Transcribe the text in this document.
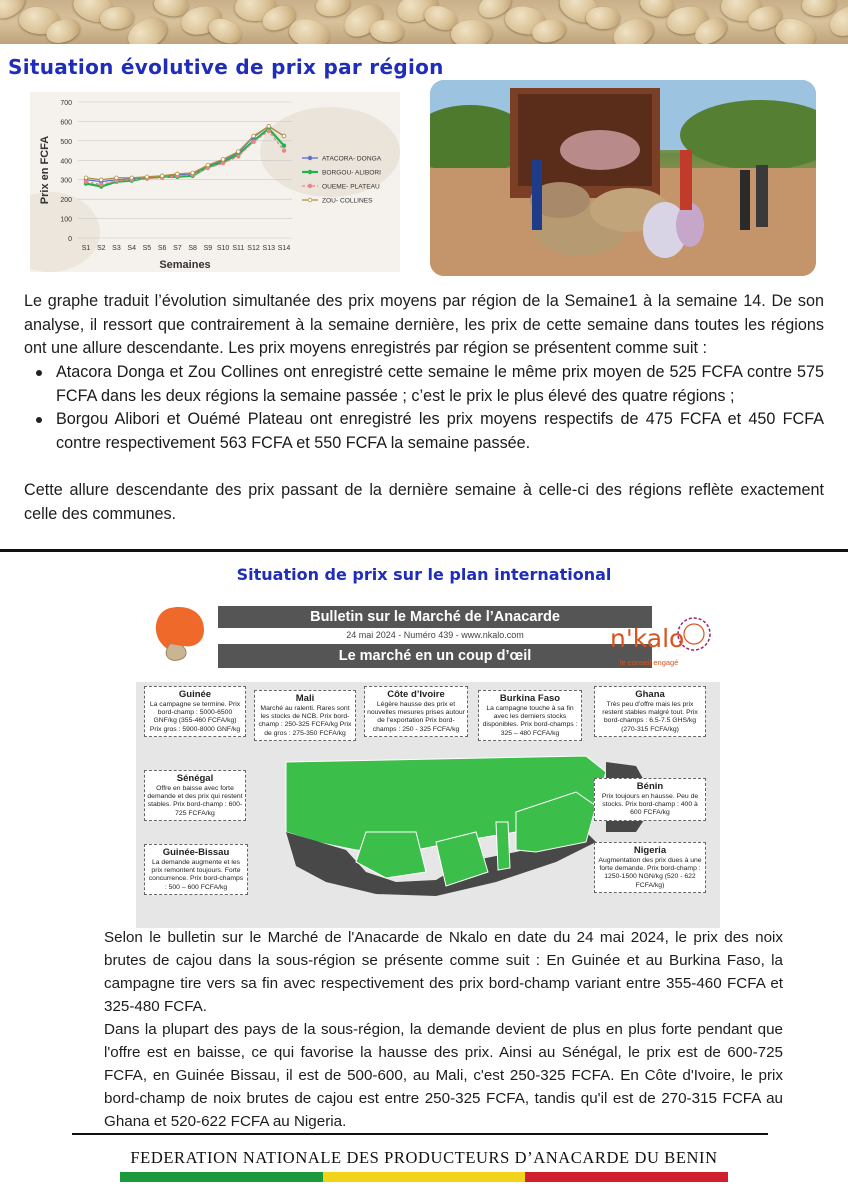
Situation évolutive de prix par région
0
100
200
300
400
500
600
700
S1 S2 S3 S4 S5 S6 S7 S8 S9 S10 S11 S12 S13 S14
Semaines
Prix en FCFA	ATACORA- DONGA
BORGOU- ALIBORI
OUEME- PLATEAU
ZOU- COLLINES
Le graphe traduit l’évolution simultanée des prix moyens par région de la Semaine1 à la semaine 14. De son analyse, il ressort que contrairement à la semaine dernière, les prix de cette semaine dans toutes les régions ont une allure descendante. Les prix moyens enregistrés par région se présentent comme suit :
Atacora Donga et Zou Collines ont enregistré cette semaine le même prix moyen de 525 FCFA contre 575 FCFA dans les deux régions la semaine passée ; c’est le prix le plus élevé des quatre régions ;
Borgou Alibori et Ouémé Plateau ont enregistré les prix moyens respectifs de 475 FCFA et 450 FCFA contre respectivement 563 FCFA et 550 FCFA la semaine passée.
Cette allure descendante des prix passant de la dernière semaine à celle-ci des régions reflète exactement celle des communes.
Situation de prix sur le plan international
Bulletin sur le Marché de l’Anacarde
24 mai 2024 - Numéro 439 - www.nkalo.com
Le marché en un coup d’œil
n'kalo
le conseil engagé
Guinée
La campagne se termine. Prix bord-champ : 5000-6500 GNF/kg (355-460 FCFA/kg) Prix gros : 5900-8000 GNF/kg
Mali
Marché au ralenti. Rares sont les stocks de NCB. Prix bord-champ : 250-325 FCFA/kg Prix de gros : 275-350 FCFA/kg
Côte d’Ivoire
Légère hausse des prix et nouvelles mesures prises autour de l’exportation Prix bord-champs : 250 - 325 FCFA/kg
Burkina Faso
La campagne touche à sa fin avec les derniers stocks disponibles. Prix bord-champs : 325 – 480 FCFA/kg
Ghana
Très peu d’offre mais les prix restent stables malgré tout. Prix bord-champs : 6.5-7.5 GHS/kg (270-315 FCFA/kg)
Sénégal
Offre en baisse avec forte demande et des prix qui restent stables. Prix bord-champ : 600-725 FCFA/kg
Bénin
Prix toujours en hausse. Peu de stocks. Prix bord-champ : 400 à 600 FCFA/kg
Guinée-Bissau
La demande augmente et les prix remontent toujours. Forte concurrence. Prix bord-champs : 500 – 600 FCFA/kg
Nigeria
Augmentation des prix dues à une forte demande. Prix bord-champ : 1250-1500 NGN/kg (520 - 622 FCFA/kg)
Selon le bulletin sur le Marché de l'Anacarde de Nkalo en date du 24 mai 2024, le prix des noix brutes de cajou dans la sous-région se présente comme suit : En Guinée et au Burkina Faso, la campagne tire vers sa fin avec respectivement des prix bord-champ variant entre 355-460 FCFA et 325-480 FCFA.
Dans la plupart des pays de la sous-région, la demande devient de plus en plus forte pendant que l'offre est en baisse, ce qui favorise la hausse des prix. Ainsi au Sénégal, le prix est de 600-725 FCFA, en Guinée Bissau, il est de 500-600, au Mali, c'est 250-325 FCFA. En Côte d'Ivoire, le prix bord-champ de noix brutes de cajou est entre 250-325 FCFA, tandis qu'il est de 270-315 FCFA au Ghana et 520-622 FCFA au Nigeria.
FEDERATION NATIONALE DES PRODUCTEURS D’ANACARDE DU BENIN
